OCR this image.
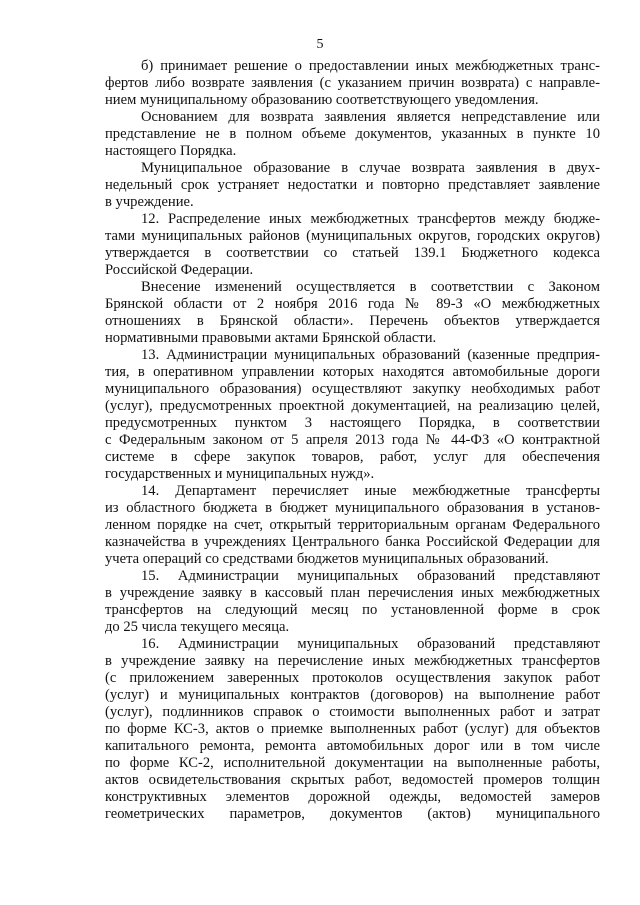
5
б) принимает решение о предоставлении иных межбюджетных транс-
фертов либо возврате заявления (с указанием причин возврата) с направле-
нием муниципальному образованию соответствующего уведомления.
Основанием для возврата заявления является непредставление или
представление не в полном объеме документов, указанных в пункте 10
настоящего Порядка.
Муниципальное образование в случае возврата заявления в двух-
недельный срок устраняет недостатки и повторно представляет заявление
в учреждение.
12. Распределение иных межбюджетных трансфертов между бюдже-
тами муниципальных районов (муниципальных округов, городских округов)
утверждается в соответствии со статьей 139.1 Бюджетного кодекса
Российской Федерации.
Внесение изменений осуществляется в соответствии с Законом
Брянской области от 2 ноября 2016 года № 89-З «О межбюджетных
отношениях в Брянской области». Перечень объектов утверждается
нормативными правовыми актами Брянской области.
13. Администрации муниципальных образований (казенные предприя-
тия, в оперативном управлении которых находятся автомобильные дороги
муниципального образования) осуществляют закупку необходимых работ
(услуг), предусмотренных проектной документацией, на реализацию целей,
предусмотренных пунктом 3 настоящего Порядка, в соответствии
с Федеральным законом от 5 апреля 2013 года № 44-ФЗ «О контрактной
системе в сфере закупок товаров, работ, услуг для обеспечения
государственных и муниципальных нужд».
14. Департамент перечисляет иные межбюджетные трансферты
из областного бюджета в бюджет муниципального образования в установ-
ленном порядке на счет, открытый территориальным органам Федерального
казначейства в учреждениях Центрального банка Российской Федерации для
учета операций со средствами бюджетов муниципальных образований.
15. Администрации муниципальных образований представляют
в учреждение заявку в кассовый план перечисления иных межбюджетных
трансфертов на следующий месяц по установленной форме в срок
до 25 числа текущего месяца.
16. Администрации муниципальных образований представляют
в учреждение заявку на перечисление иных межбюджетных трансфертов
(с приложением заверенных протоколов осуществления закупок работ
(услуг) и муниципальных контрактов (договоров) на выполнение работ
(услуг), подлинников справок о стоимости выполненных работ и затрат
по форме КС-3, актов о приемке выполненных работ (услуг) для объектов
капитального ремонта, ремонта автомобильных дорог или в том числе
по форме КС-2, исполнительной документации на выполненные работы,
актов освидетельствования скрытых работ, ведомостей промеров толщин
конструктивных элементов дорожной одежды, ведомостей замеров
геометрических параметров, документов (актов) муниципального
